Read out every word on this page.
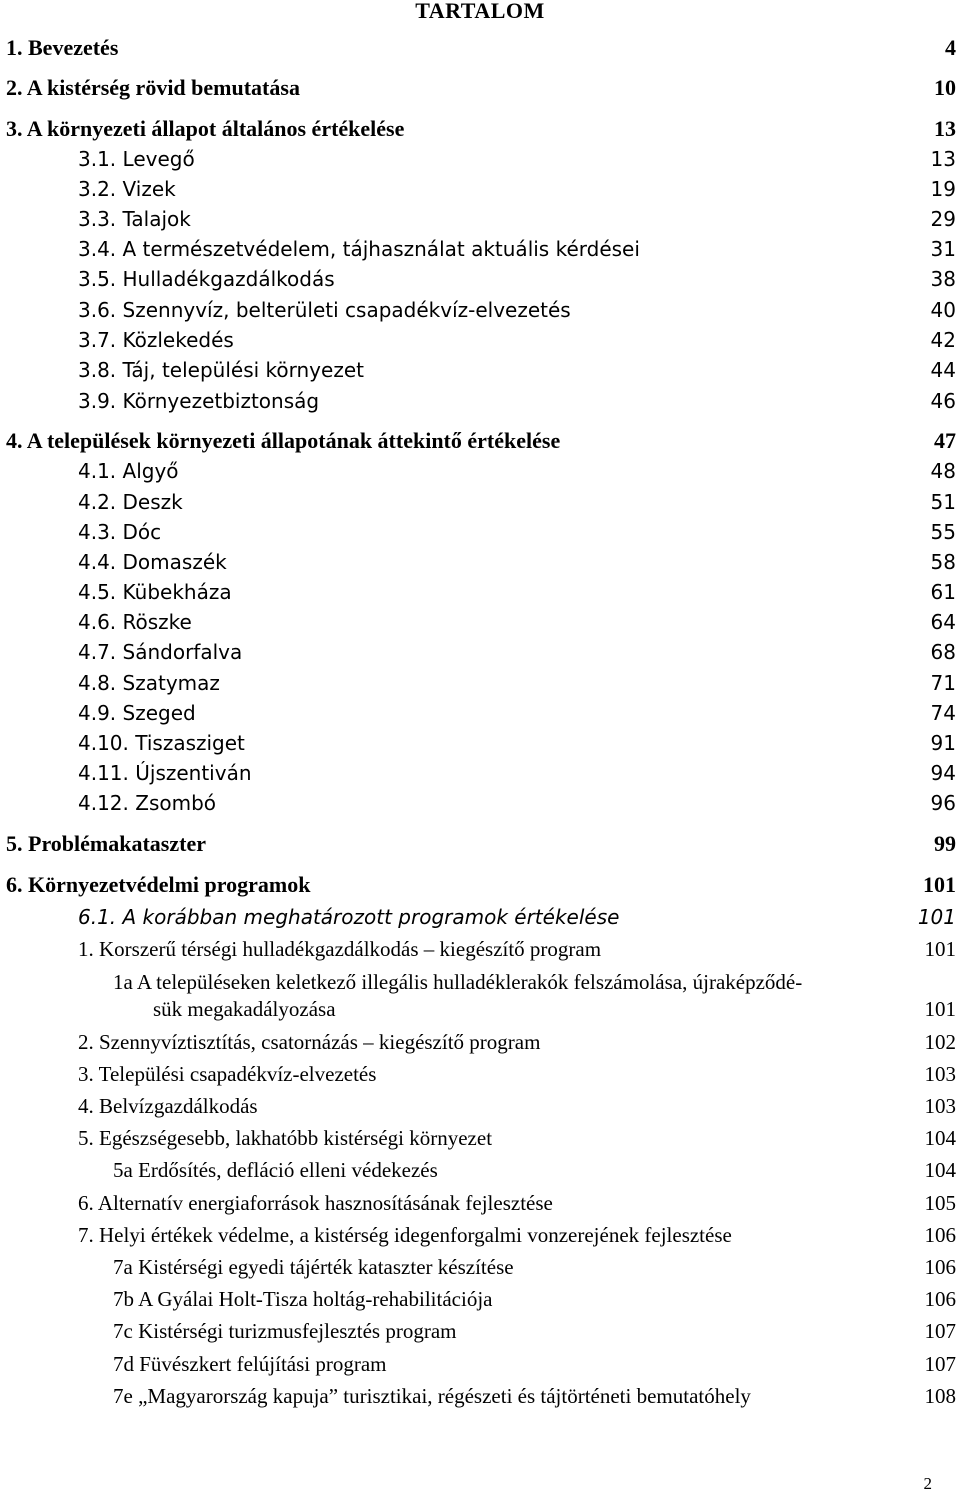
TARTALOM
1. Bevezetés	4
2. A kistérség rövid bemutatása	10
3. A környezeti állapot általános értékelése	13
3.1. Levegő	13
3.2. Vizek	19
3.3. Talajok	29
3.4. A természetvédelem, tájhasználat aktuális kérdései	31
3.5. Hulladékgazdálkodás	38
3.6. Szennyvíz, belterületi csapadékvíz-elvezetés	40
3.7. Közlekedés	42
3.8. Táj, települési környezet	44
3.9. Környezetbiztonság	46
4. A települések környezeti állapotának áttekintő értékelése	47
4.1. Algyő	48
4.2. Deszk	51
4.3. Dóc	55
4.4. Domaszék	58
4.5. Kübekháza	61
4.6. Röszke	64
4.7. Sándorfalva	68
4.8. Szatymaz	71
4.9. Szeged	74
4.10. Tiszasziget	91
4.11. Újszentiván	94
4.12. Zsombó	96
5. Problémakataszter	99
6. Környezetvédelmi programok	101
6.1. A korábban meghatározott programok értékelése	101
1. Korszerű térségi hulladékgazdálkodás – kiegészítő program	101
1a A településeken keletkező illegális hulladéklerakók felszámolása, újraképződé-
sük megakadályozása	101
2. Szennyvíztisztítás, csatornázás – kiegészítő program	102
3. Települési csapadékvíz-elvezetés	103
4. Belvízgazdálkodás	103
5. Egészségesebb, lakhatóbb kistérségi környezet	104
5a Erdősítés, defláció elleni védekezés	104
6. Alternatív energiaforrások hasznosításának fejlesztése	105
7. Helyi értékek védelme, a kistérség idegenforgalmi vonzerejének fejlesztése	106
7a Kistérségi egyedi tájérték kataszter készítése	106
7b A Gyálai Holt-Tisza holtág-rehabilitációja	106
7c Kistérségi turizmusfejlesztés program	107
7d Füvészkert felújítási program	107
7e „Magyarország kapuja” turisztikai, régészeti és tájtörténeti bemutatóhely	108
2
